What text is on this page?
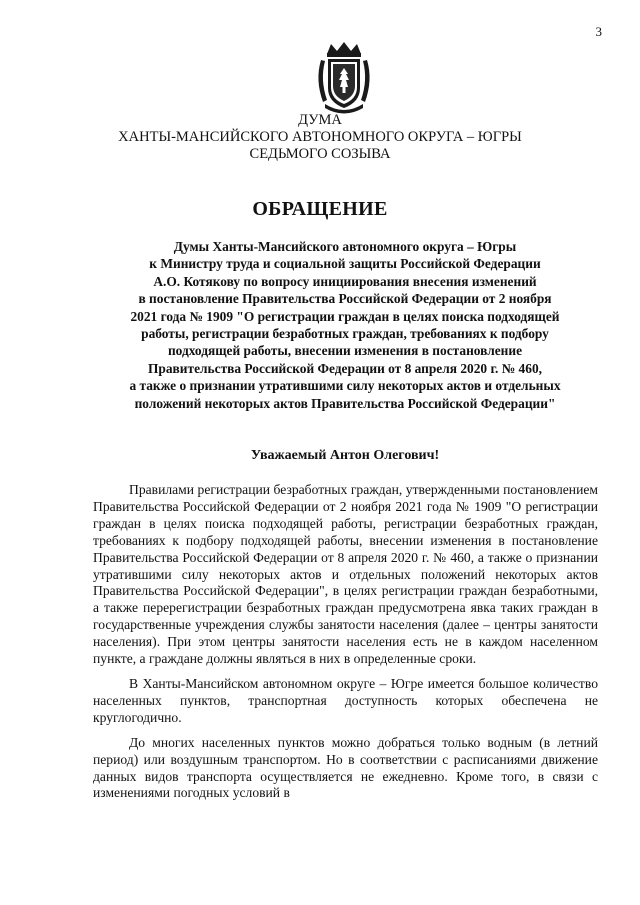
3
ДУМА
ХАНТЫ-МАНСИЙСКОГО АВТОНОМНОГО ОКРУГА – ЮГРЫ
СЕДЬМОГО СОЗЫВА
ОБРАЩЕНИЕ
Думы Ханты-Мансийского автономного округа – Югры
к Министру труда и социальной защиты Российской Федерации
А.О. Котякову по вопросу инициирования внесения изменений
в постановление Правительства Российской Федерации от 2 ноября
2021 года № 1909 "О регистрации граждан в целях поиска подходящей
работы, регистрации безработных граждан, требованиях к подбору
подходящей работы, внесении изменения в постановление
Правительства Российской Федерации от 8 апреля 2020 г. № 460,
а также о признании утратившими силу некоторых актов и отдельных
положений некоторых актов Правительства Российской Федерации"
Уважаемый Антон Олегович!

Правилами регистрации безработных граждан, утвержденными постановлением Правительства Российской Федерации от 2 ноября 2021 года № 1909 "О регистрации граждан в целях поиска подходящей работы, регистрации безработных граждан, требованиях к подбору подходящей работы, внесении изменения в постановление Правительства Российской Федерации от 8 апреля 2020 г. № 460, а также о признании утратившими силу некоторых актов и отдельных положений некоторых актов Правительства Российской Федерации", в целях регистрации граждан безработными, а также перерегистрации безработных граждан предусмотрена явка таких граждан в государственные учреждения службы занятости населения (далее – центры занятости населения). При этом центры занятости населения есть не в каждом населенном пункте, а граждане должны являться в них в определенные сроки.

В Ханты-Мансийском автономном округе – Югре имеется большое количество населенных пунктов, транспортная доступность которых обеспечена не круглогодично.

До многих населенных пунктов можно добраться только водным (в летний период) или воздушным транспортом. Но в соответствии с расписаниями движение данных видов транспорта осуществляется не ежедневно. Кроме того, в связи с изменениями погодных условий в
